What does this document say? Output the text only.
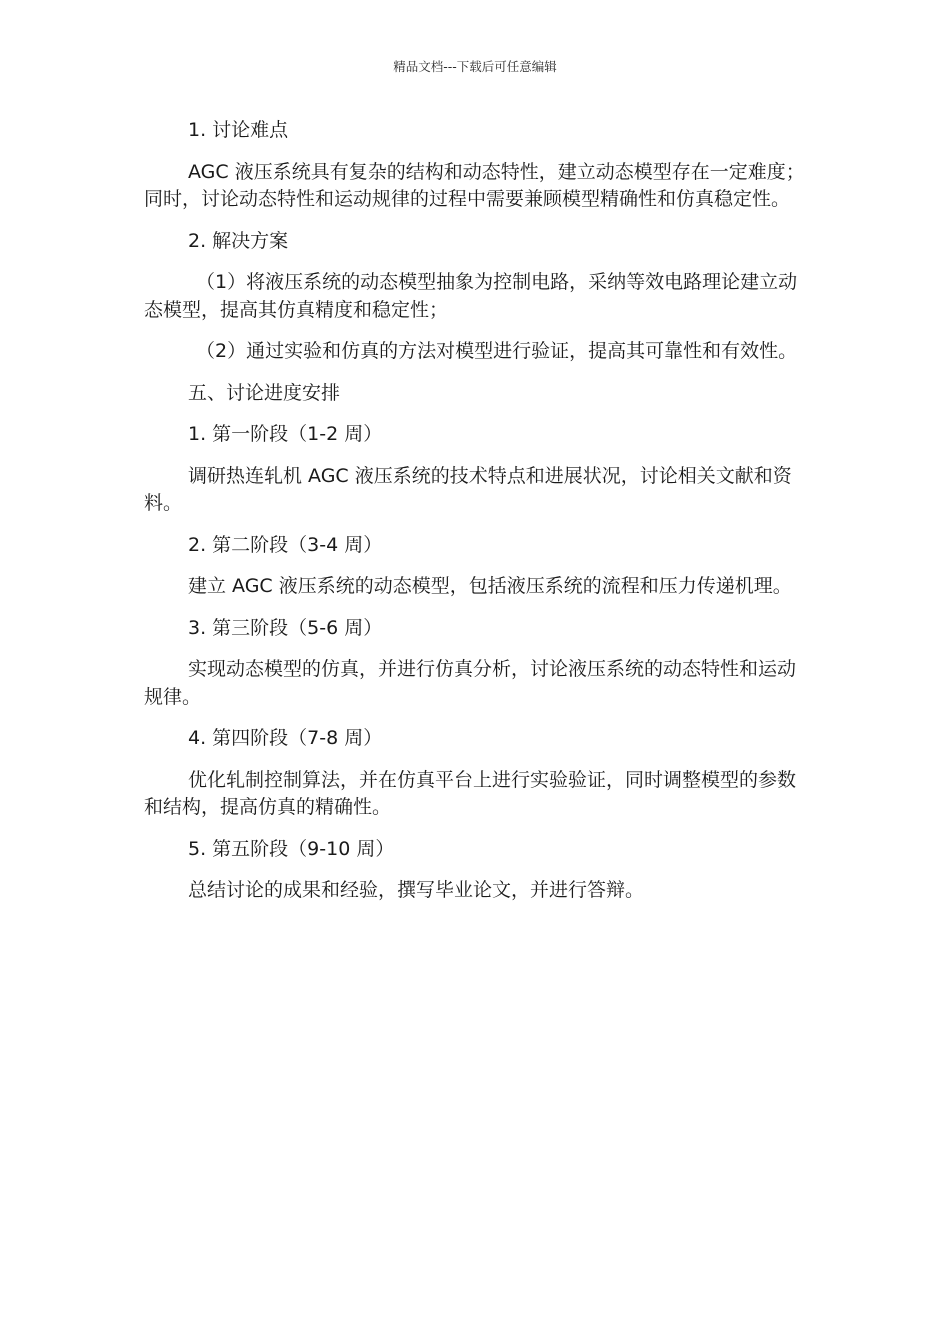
精品文档---下载后可任意编辑

1. 讨论难点

AGC 液压系统具有复杂的结构和动态特性，建立动态模型存在一定难度；同时，讨论动态特性和运动规律的过程中需要兼顾模型精确性和仿真稳定性。

2. 解决方案

（1）将液压系统的动态模型抽象为控制电路，采纳等效电路理论建立动态模型，提高其仿真精度和稳定性；

（2）通过实验和仿真的方法对模型进行验证，提高其可靠性和有效性。

五、讨论进度安排

1. 第一阶段（1-2 周）

调研热连轧机 AGC 液压系统的技术特点和进展状况，讨论相关文献和资料。

2. 第二阶段（3-4 周）

建立 AGC 液压系统的动态模型，包括液压系统的流程和压力传递机理。

3. 第三阶段（5-6 周）

实现动态模型的仿真，并进行仿真分析，讨论液压系统的动态特性和运动规律。

4. 第四阶段（7-8 周）

优化轧制控制算法，并在仿真平台上进行实验验证，同时调整模型的参数和结构，提高仿真的精确性。

5. 第五阶段（9-10 周）

总结讨论的成果和经验，撰写毕业论文，并进行答辩。
